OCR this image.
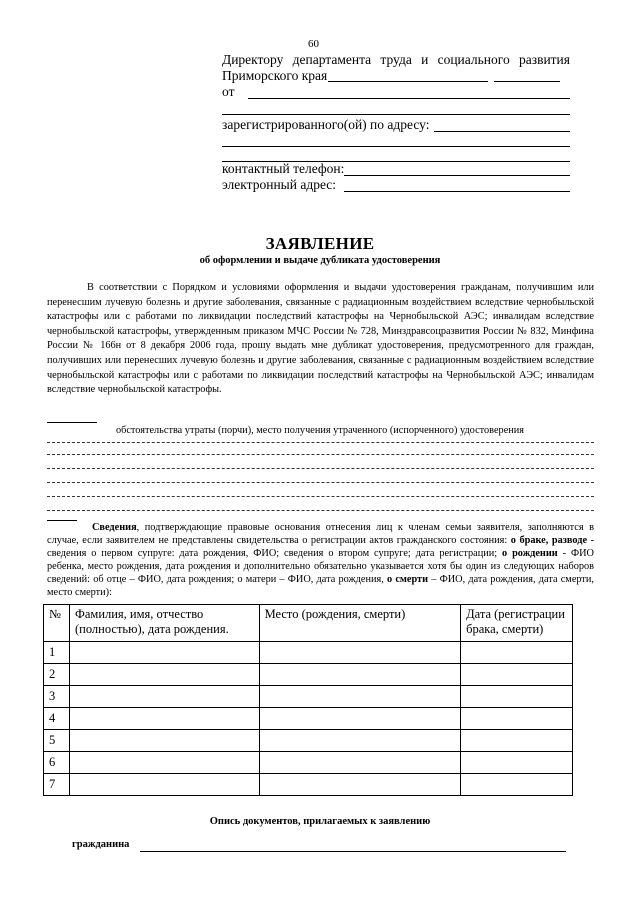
60
Директору департамента труда и социального развития
Приморского края
от
зарегистрированного(ой) по адресу:
контактный телефон:
электронный адрес:
ЗАЯВЛЕНИЕ
об оформлении и выдаче дубликата удостоверения
В соответствии с Порядком и условиями оформления и выдачи удостоверения гражданам, получившим или перенесшим лучевую болезнь и другие заболевания, связанные с радиационным воздействием вследствие чернобыльской катастрофы или с работами по ликвидации последствий катастрофы на Чернобыльской АЭС; инвалидам вследствие чернобыльской катастрофы, утвержденным приказом МЧС России № 728, Минздравсоцразвития России № 832, Минфина России № 166н от 8 декабря 2006 года, прошу выдать мне дубликат удостоверения, предусмотренного для граждан, получивших или перенесших лучевую болезнь и другие заболевания, связанные с радиационным воздействием вследствие чернобыльской катастрофы или с работами по ликвидации последствий катастрофы на Чернобыльской АЭС; инвалидам вследствие чернобыльской катастрофы.
обстоятельства утраты (порчи), место получения утраченного (испорченного) удостоверения
Сведения, подтверждающие правовые основания отнесения лиц к членам семьи заявителя, заполняются в случае, если заявителем не представлены свидетельства о регистрации актов гражданского состояния: о браке, разводе - сведения о первом супруге: дата рождения, ФИО; сведения о втором супруге; дата регистрации; о рождении - ФИО ребенка, место рождения, дата рождения и дополнительно обязательно указывается хотя бы один из следующих наборов сведений: об отце – ФИО, дата рождения; о матери – ФИО, дата рождения, о смерти – ФИО, дата рождения, дата смерти, место смерти):
№	Фамилия, имя, отчество (полностью), дата рождения.	Место (рождения, смерти)	Дата (регистрации брака, смерти)
1			
2			
3			
4			
5			
6			
7			
Опись документов, прилагаемых к заявлению
гражданина
